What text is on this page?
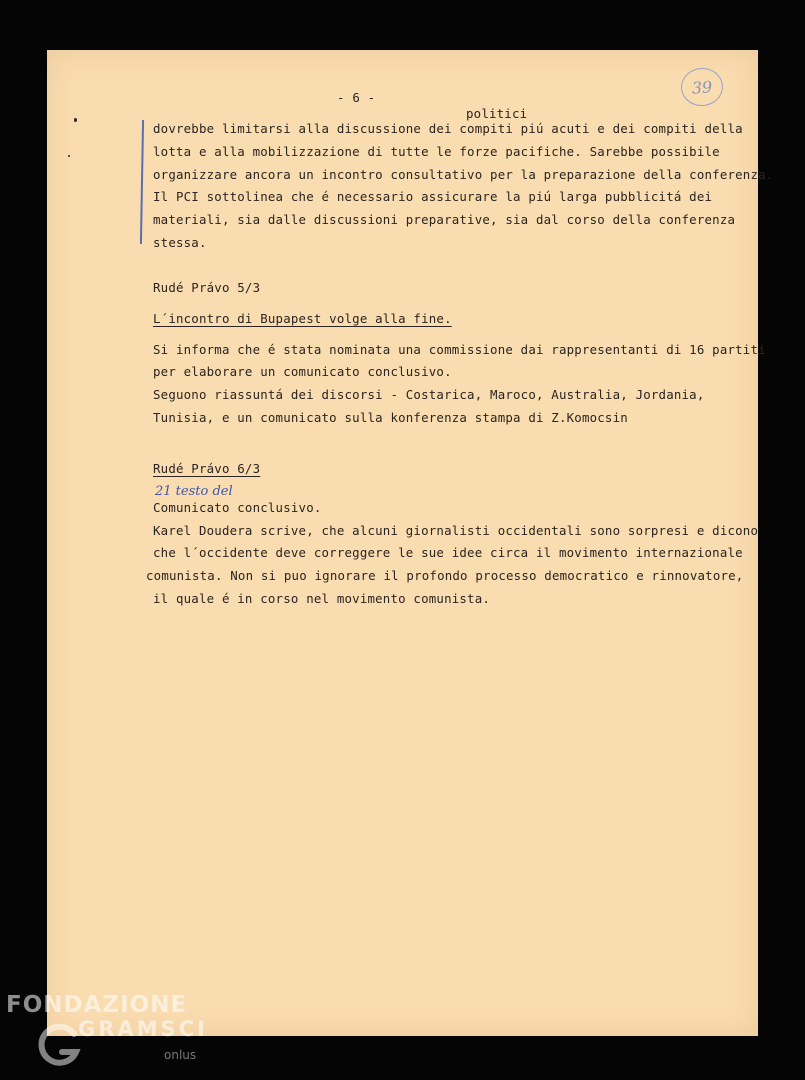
- 6 -
39
politici
dovrebbe limitarsi alla discussione dei compiti piú acuti e dei compiti della
lotta e alla mobilizzazione di tutte le forze pacifiche. Sarebbe possibile
organizzare ancora un incontro consultativo per la preparazione della conferenza.
Il PCI sottolinea che é necessario assicurare la piú larga pubblicitá dei
materiali, sia dalle discussioni preparative, sia dal corso della conferenza
stessa.
Rudé Právo 5/3
L´incontro di Bupapest volge alla fine.
Si informa che é stata nominata una commissione dai rappresentanti di 16 partiti
per elaborare un comunicato conclusivo.
Seguono riassuntá dei discorsi - Costarica, Maroco, Australia, Jordania,
Tunisia, e un comunicato sulla konferenza stampa di Z.Komocsin
Rudé Právo 6/3
21 testo del
Comunicato conclusivo.
Karel Doudera scrive, che alcuni giornalisti occidentali sono sorpresi e dicono
che l´occidente deve correggere le sue idee circa il movimento internazionale
comunista. Non si puo ignorare il profondo processo democratico e rinnovatore,
il quale é in corso nel movimento comunista.
FONDAZIONE
GRAMSCI
onlus
